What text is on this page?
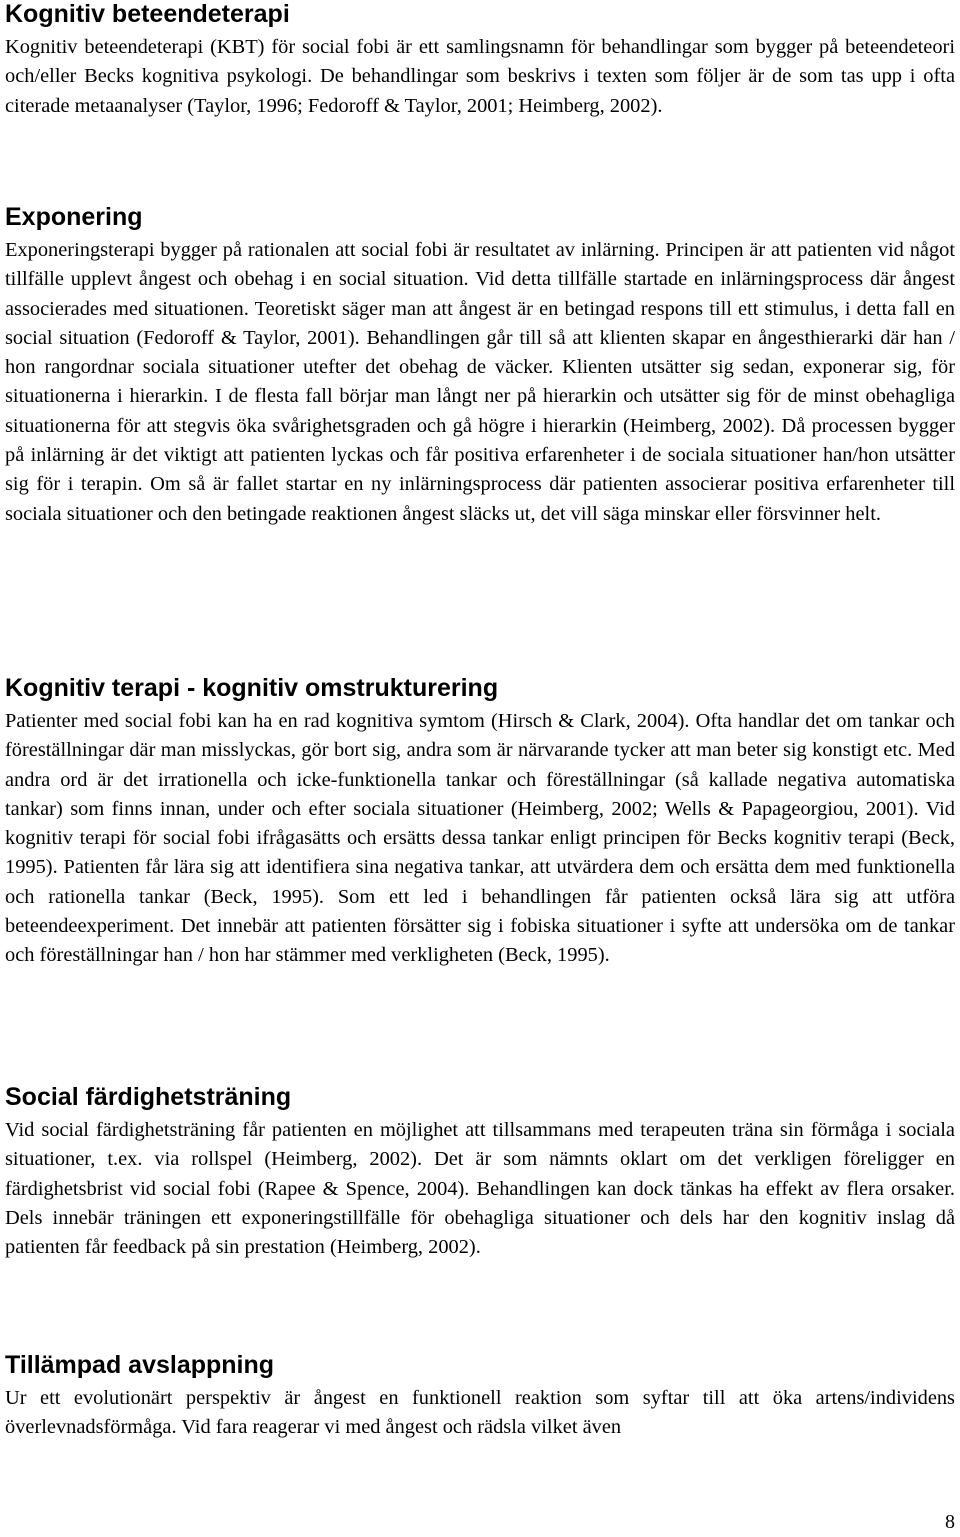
Kognitiv beteendeterapi

Kognitiv beteendeterapi (KBT) för social fobi är ett samlingsnamn för behandlingar som bygger på beteendeteori och/eller Becks kognitiva psykologi. De behandlingar som beskrivs i texten som följer är de som tas upp i ofta citerade metaanalyser (Taylor, 1996; Fedoroff & Taylor, 2001; Heimberg, 2002).

Exponering

Exponeringsterapi bygger på rationalen att social fobi är resultatet av inlärning. Principen är att patienten vid något tillfälle upplevt ångest och obehag i en social situation. Vid detta tillfälle startade en inlärningsprocess där ångest associerades med situationen. Teoretiskt säger man att ångest är en betingad respons till ett stimulus, i detta fall en social situation (Fedoroff & Taylor, 2001). Behandlingen går till så att klienten skapar en ångesthierarki där han / hon rangordnar sociala situationer utefter det obehag de väcker. Klienten utsätter sig sedan, exponerar sig, för situationerna i hierarkin. I de flesta fall börjar man långt ner på hierarkin och utsätter sig för de minst obehagliga situationerna för att stegvis öka svårighetsgraden och gå högre i hierarkin (Heimberg, 2002). Då processen bygger på inlärning är det viktigt att patienten lyckas och får positiva erfarenheter i de sociala situationer han/hon utsätter sig för i terapin. Om så är fallet startar en ny inlärningsprocess där patienten associerar positiva erfarenheter till sociala situationer och den betingade reaktionen ångest släcks ut, det vill säga minskar eller försvinner helt.

Kognitiv terapi - kognitiv omstrukturering

Patienter med social fobi kan ha en rad kognitiva symtom (Hirsch & Clark, 2004). Ofta handlar det om tankar och föreställningar där man misslyckas, gör bort sig, andra som är närvarande tycker att man beter sig konstigt etc. Med andra ord är det irrationella och icke-funktionella tankar och föreställningar (så kallade negativa automatiska tankar) som finns innan, under och efter sociala situationer (Heimberg, 2002; Wells & Papageorgiou, 2001). Vid kognitiv terapi för social fobi ifrågasätts och ersätts dessa tankar enligt principen för Becks kognitiv terapi (Beck, 1995). Patienten får lära sig att identifiera sina negativa tankar, att utvärdera dem och ersätta dem med funktionella och rationella tankar (Beck, 1995). Som ett led i behandlingen får patienten också lära sig att utföra beteendeexperiment. Det innebär att patienten försätter sig i fobiska situationer i syfte att undersöka om de tankar och föreställningar han / hon har stämmer med verkligheten (Beck, 1995).

Social färdighetsträning

Vid social färdighetsträning får patienten en möjlighet att tillsammans med terapeuten träna sin förmåga i sociala situationer, t.ex. via rollspel (Heimberg, 2002). Det är som nämnts oklart om det verkligen föreligger en färdighetsbrist vid social fobi (Rapee & Spence, 2004). Behandlingen kan dock tänkas ha effekt av flera orsaker. Dels innebär träningen ett exponeringstillfälle för obehagliga situationer och dels har den kognitiv inslag då patienten får feedback på sin prestation (Heimberg, 2002).

Tillämpad avslappning

Ur ett evolutionärt perspektiv är ångest en funktionell reaktion som syftar till att öka artens/individens överlevnadsförmåga. Vid fara reagerar vi med ångest och rädsla vilket även

8
